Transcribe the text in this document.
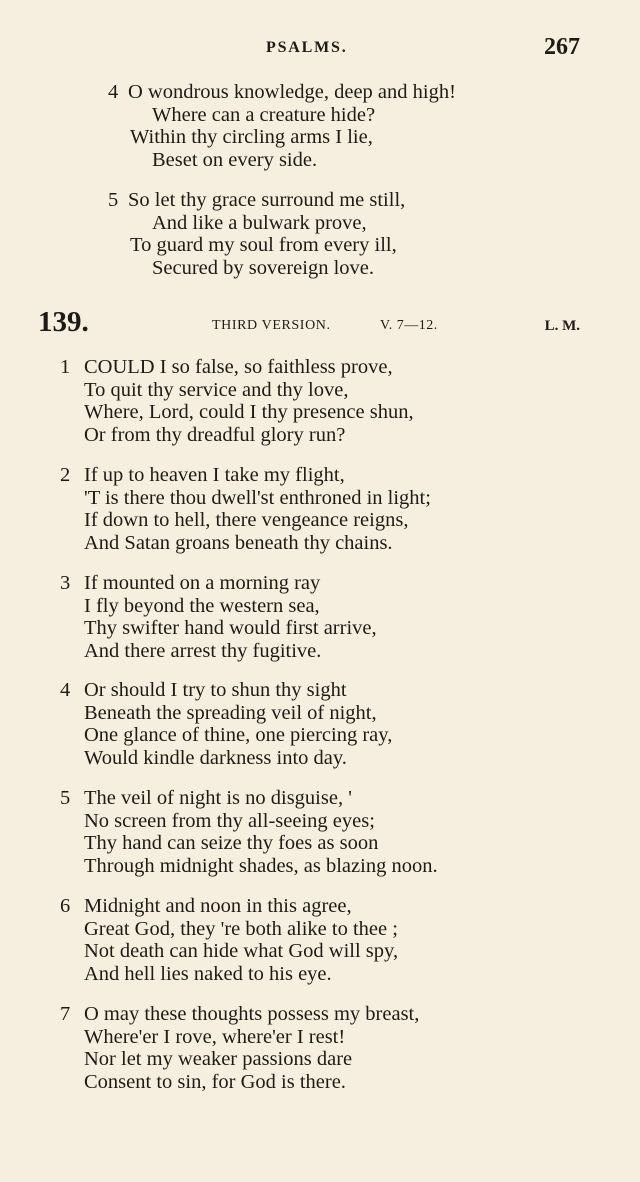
PSALMS.	267
4 O wondrous knowledge, deep and high!
Where can a creature hide?
Within thy circling arms I lie,
Beset on every side.
5 So let thy grace surround me still,
And like a bulwark prove,
To guard my soul from every ill,
Secured by sovereign love.
139.	THIRD VERSION.	V. 7—12.	L. M.
1 COULD I so false, so faithless prove,
To quit thy service and thy love,
Where, Lord, could I thy presence shun,
Or from thy dreadful glory run?
2 If up to heaven I take my flight,
'T is there thou dwell'st enthroned in light;
If down to hell, there vengeance reigns,
And Satan groans beneath thy chains.
3 If mounted on a morning ray
I fly beyond the western sea,
Thy swifter hand would first arrive,
And there arrest thy fugitive.
4 Or should I try to shun thy sight
Beneath the spreading veil of night,
One glance of thine, one piercing ray,
Would kindle darkness into day.
5 The veil of night is no disguise, '
No screen from thy all-seeing eyes;
Thy hand can seize thy foes as soon
Through midnight shades, as blazing noon.
6 Midnight and noon in this agree,
Great God, they 're both alike to thee ;
Not death can hide what God will spy,
And hell lies naked to his eye.
7 O may these thoughts possess my breast,
Where'er I rove, where'er I rest!
Nor let my weaker passions dare
Consent to sin, for God is there.
